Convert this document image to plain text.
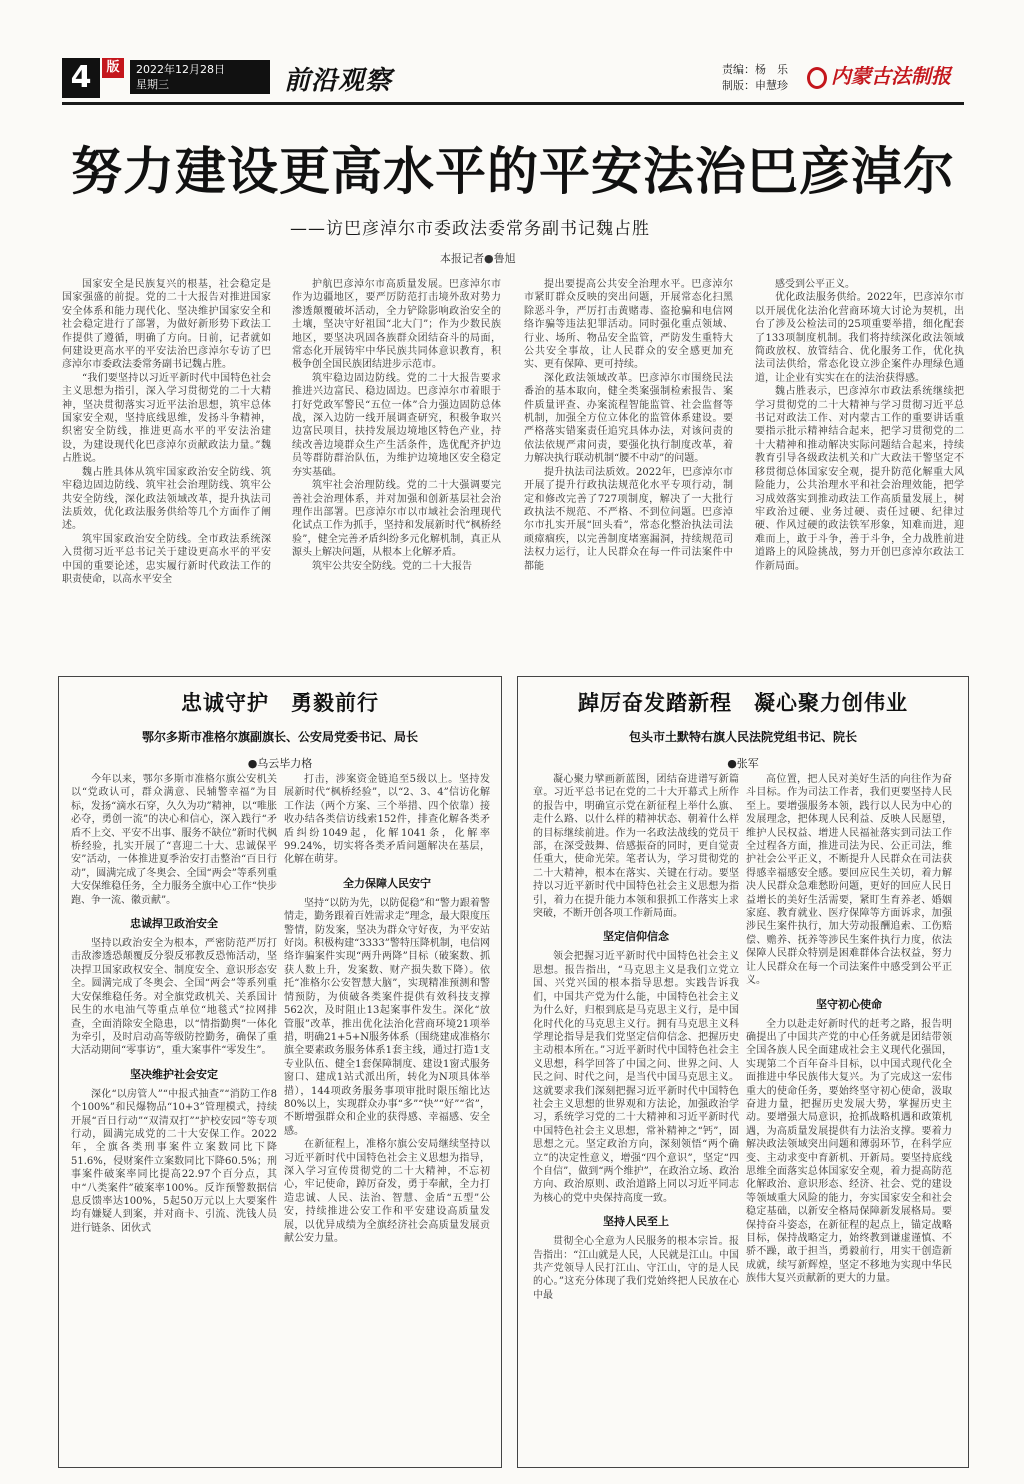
4	版	2022年12月28日
星期三	前沿观察	责编：杨　乐
制版：申慧珍	内蒙古法制报
努力建设更高水平的平安法治巴彦淖尔
——访巴彦淖尔市委政法委常务副书记魏占胜
本报记者●鲁旭

国家安全是民族复兴的根基，社会稳定是国家强盛的前提。党的二十大报告对推进国家安全体系和能力现代化、坚决维护国家安全和社会稳定进行了部署，为做好新形势下政法工作提供了遵循，明确了方向。日前，记者就如何建设更高水平的平安法治巴彦淖尔专访了巴彦淖尔市委政法委常务副书记魏占胜。

“我们要坚持以习近平新时代中国特色社会主义思想为指引，深入学习贯彻党的二十大精神，坚决贯彻落实习近平法治思想，筑牢总体国家安全观，坚持底线思维，发扬斗争精神，织密安全防线，推进更高水平的平安法治建设，为建设现代化巴彦淖尔贡献政法力量。”魏占胜说。

魏占胜具体从筑牢国家政治安全防线、筑牢稳边固边防线、筑牢社会治理防线、筑牢公共安全防线，深化政法领域改革，提升执法司法质效，优化政法服务供给等几个方面作了阐述。

筑牢国家政治安全防线。全市政法系统深入贯彻习近平总书记关于建设更高水平的平安中国的重要论述，忠实履行新时代政法工作的职责使命，以高水平安全

护航巴彦淖尔市高质量发展。巴彦淖尔市作为边疆地区，要严厉防范打击境外敌对势力渗透颠覆破坏活动，全力铲除影响政治安全的土壤，坚决守好祖国“北大门”；作为少数民族地区，要坚决巩固各族群众团结奋斗的局面，常态化开展铸牢中华民族共同体意识教育，积极争创全国民族团结进步示范市。

筑牢稳边固边防线。党的二十大报告要求推进兴边富民、稳边固边。巴彦淖尔市着眼于打好党政军警民“五位一体”合力强边固防总体战，深入边防一线开展调查研究，积极争取兴边富民项目，扶持发展边境地区特色产业，持续改善边境群众生产生活条件，选优配齐护边员等群防群治队伍，为维护边境地区安全稳定夯实基础。

筑牢社会治理防线。党的二十大强调要完善社会治理体系，并对加强和创新基层社会治理作出部署。巴彦淖尔市以市域社会治理现代化试点工作为抓手，坚持和发展新时代“枫桥经验”，健全完善矛盾纠纷多元化解机制，真正从源头上解决问题，从根本上化解矛盾。

筑牢公共安全防线。党的二十大报告

提出要提高公共安全治理水平。巴彦淖尔市紧盯群众反映的突出问题，开展常态化扫黑除恶斗争，严厉打击黄赌毒、盗抢骗和电信网络诈骗等违法犯罪活动。同时强化重点领域、行业、场所、物品安全监管，严防发生重特大公共安全事故，让人民群众的安全感更加充实、更有保障、更可持续。

深化政法领域改革。巴彦淖尔市围绕民法番治的基本取向，健全类案强制检索报告、案件质量评查、办案流程智能监管、社会监督等机制，加强全方位立体化的监管体系建设。要严格落实错案责任追究具体办法，对该问责的依法依规严肃问责，要强化执行制度改革，着力解决执行联动机制“腰不中动”的问题。

提升执法司法质效。2022年，巴彦淖尔市开展了提升行政执法规范化水平专项行动，制定和修改完善了727项制度，解决了一大批行政执法不规范、不严格、不到位问题。巴彦淖尔市扎实开展“回头看”，常态化整治执法司法顽瘴痼疾，以完善制度堵塞漏洞，持续规范司法权力运行，让人民群众在每一件司法案件中都能

感受到公平正义。

优化政法服务供给。2022年，巴彦淖尔市以开展优化法治化营商环境大讨论为契机，出台了涉及公检法司的25项重要举措，细化配套了133项制度机制。我们将持续深化政法领域简政放权、放管结合、优化服务工作，优化执法司法供给，常态化设立涉企案件办理绿色通道，让企业有实实在在的法治获得感。

魏占胜表示，巴彦淖尔市政法系统继续把学习贯彻党的二十大精神与学习贯彻习近平总书记对政法工作、对内蒙古工作的重要讲话重要指示批示精神结合起来，把学习贯彻党的二十大精神和推动解决实际问题结合起来，持续教育引导各级政法机关和广大政法干警坚定不移贯彻总体国家安全观，提升防范化解重大风险能力，公共治理水平和社会治理效能，把学习成效落实到推动政法工作高质量发展上，树牢政治过硬、业务过硬、责任过硬、纪律过硬、作风过硬的政法铁军形象，知难而进，迎难而上，敢于斗争，善于斗争，全力战胜前进道路上的风险挑战，努力开创巴彦淖尔政法工作新局面。

忠诚守护　勇毅前行
鄂尔多斯市准格尔旗副旗长、公安局党委书记、局长
●乌云毕力格

今年以来，鄂尔多斯市准格尔旗公安机关以“党政认可，群众满意、民辅警幸福”为目标，发扬“滴水石穿，久久为功”精神，以“唯胀必夺，勇创一流”的决心和信心，深入践行“矛盾不上交、平安不出事、服务不缺位”新时代枫桥经验，扎实开展了“喜迎二十大、忠诚保平安”活动，一体推进夏季治安打击整治“百日行动”，圆满完成了冬奥会、全国“两会”等系列重大安保维稳任务，全力服务全旗中心工作“快步跑、争一流、徽贡献”。

忠诚捍卫政治安全

坚持以政治安全为根本，严密防范严厉打击敌渗透恐颠覆反分裂反邪教反恐怖活动，坚决捍卫国家政权安全、制度安全、意识形态安全。圆满完成了冬奥会、全国“两会”等系列重大安保维稳任务。对全旗党政机关、关系国计民生的水电油气等重点单位“地毯式”拉网排查，全面消除安全隐患，以“情指勤舆”一体化为牵引，及时启动高等级防控勤务，确保了重大活动期间“零事访”，重大案事件“零发生”。

坚决维护社会安定

深化“以房管人”“中报式抽查”“消防工作8个100%”和民爆物品“10+3”管理模式，持续开展“百日行动”“双清双打”“护校安园”等专项行动，圆满完成党的二十大安保工作。2022年，全旗各类刑事案件立案数同比下降51.6%，侵财案件立案数同比下降60.5%；刑事案件破案率同比提高22.97个百分点，其中“八类案件”破案率100%。反诈预警数据信息反馈率达100%，5起50万元以上大要案件均有嫌疑人到案，并对商卡、引流、洗钱人员进行链条、团伙式

打击，涉案资金链追至5级以上。坚持发展新时代“枫桥经验”，以“2、3、4”信访化解工作法（两个方案、三个举措、四个依靠）接收办结各类信访线索152件，排查化解各类矛盾纠纷1049起，化解1041条，化解率99.24%，切实将各类矛盾问题解决在基层，化解在萌芽。

全力保障人民安宁

坚持“以防为先，以防促稳”和“警力跟着警情走，勤务跟着百姓需求走”理念，最大限度压警情，防发案，坚决为群众守好夜，为平安站好岗。积极构建“3333”警特压降机制，电信网络诈骗案件实现“两升两降”目标（破案数、抓获人数上升，发案数、财产损失数下降）。依托“准格尔公安智慧大脑”，实现精准预测和警情预防，为侦破各类案件提供有效科技支撑562次，及时阻止13起案事件发生。深化“放管服”改革，推出优化法治化营商环境21项举措，明确21+5+N服务体系（围绕建成准格尔旗全要素政务服务体系1套主线，通过打造1支专业队伍、健全1套保障制度、建设1窗式服务窗口、建成1站式派出所，转化为N项具体举措），144项政务服务事项审批时限压缩比达80%以上，实现群众办事“多”“快”“好”“省”，不断增强群众和企业的获得感、幸福感、安全感。

在新征程上，准格尔旗公安局继续坚持以习近平新时代中国特色社会主义思想为指导，深入学习宣传贯彻党的二十大精神，不忘初心，牢记使命，踔厉奋发，勇于奉献，全力打造忠诚、人民、法治、智慧、金盾“五型”公安，持续推进公安工作和平安建设高质量发展，以优异成绩为全旗经济社会高质量发展贡献公安力量。

踔厉奋发踏新程　凝心聚力创伟业
包头市土默特右旗人民法院党组书记、院长
●张军

凝心聚力擘画新蓝图，团结奋进谱写新篇章。习近平总书记在党的二十大开幕式上所作的报告中，明确宣示党在新征程上举什么旗、走什么路、以什么样的精神状态、朝着什么样的目标继续前进。作为一名政法战线的党员干部，在深受鼓舞、倍感振奋的同时，更自觉责任重大，使命光荣。笔者认为，学习贯彻党的二十大精神，根本在落实、关键在行动。要坚持以习近平新时代中国特色社会主义思想为指引，着力在提升能力本领和狠抓工作落实上求突破，不断开创各项工作新局面。

坚定信仰信念

领会把握习近平新时代中国特色社会主义思想。报告指出，“马克思主义是我们立党立国、兴党兴国的根本指导思想。实践告诉我们，中国共产党为什么能，中国特色社会主义为什么好，归根到底是马克思主义行，是中国化时代化的马克思主义行。拥有马克思主义科学理论指导是我们党坚定信仰信念、把握历史主动根本所在。”习近平新时代中国特色社会主义思想，科学回答了中国之问、世界之问、人民之问、时代之问，是当代中国马克思主义。这就要求我们深刻把握习近平新时代中国特色社会主义思想的世界观和方法论，加强政治学习，系统学习党的二十大精神和习近平新时代中国特色社会主义思想，常补精神之“钙”，固思想之元。坚定政治方向，深刻领悟“两个确立”的决定性意义，增强“四个意识”，坚定“四个自信”，做到“两个维护”，在政治立场、政治方向、政治原则、政治道路上同以习近平同志为核心的党中央保持高度一致。

坚持人民至上

贯彻全心全意为人民服务的根本宗旨。报告指出：“江山就是人民，人民就是江山。中国共产党领导人民打江山、守江山，守的是人民的心。”这充分体现了我们党始终把人民放在心中最

高位置，把人民对美好生活的向往作为奋斗目标。作为司法工作者，我们更要坚持人民至上。要增强服务本领，践行以人民为中心的发展理念，把体现人民利益、反映人民愿望，维护人民权益、增进人民福祉落实到司法工作全过程各方面，推进司法为民、公正司法，维护社会公平正义，不断提升人民群众在司法获得感幸福感安全感。要回应民生关切，着力解决人民群众急难愁盼问题，更好的回应人民日益增长的美好生活需要，紧盯生育养老、婚姻家庭、教育就业、医疗保障等方面诉求，加强涉民生案件执行，加大劳动报酬追索、工伤赔偿、赡养、抚养等涉民生案件执行力度，依法保障人民群众特别是困难群体合法权益，努力让人民群众在每一个司法案件中感受到公平正义。

坚守初心使命

全力以赴走好新时代的赶考之路，报告明确提出了中国共产党的中心任务就是团结带领全国各族人民全面建成社会主义现代化强国，实现第二个百年奋斗目标，以中国式现代化全面推进中华民族伟大复兴。为了完成这一宏伟重大的使命任务，要始终坚守初心使命，汲取奋进力量，把握历史发展大势，掌握历史主动。要增强大局意识，抢抓战略机遇和政策机遇，为高质量发展提供有力法治支撑。要着力解决政法领域突出问题和薄弱环节，在科学应变、主动求变中育新机、开新局。要坚持底线思维全面落实总体国家安全观，着力提高防范化解政治、意识形态、经济、社会、党的建设等领域重大风险的能力，夯实国家安全和社会稳定基础，以新安全格局保障新发展格局。要保持奋斗姿态，在新征程的起点上，锚定战略目标，保持战略定力，始终教到谦虚谨慎、不骄不躁，敢于担当，勇毅前行，用实干创造新成就，续写新辉煌，坚定不移地为实现中华民族伟大复兴贡献新的更大的力量。
